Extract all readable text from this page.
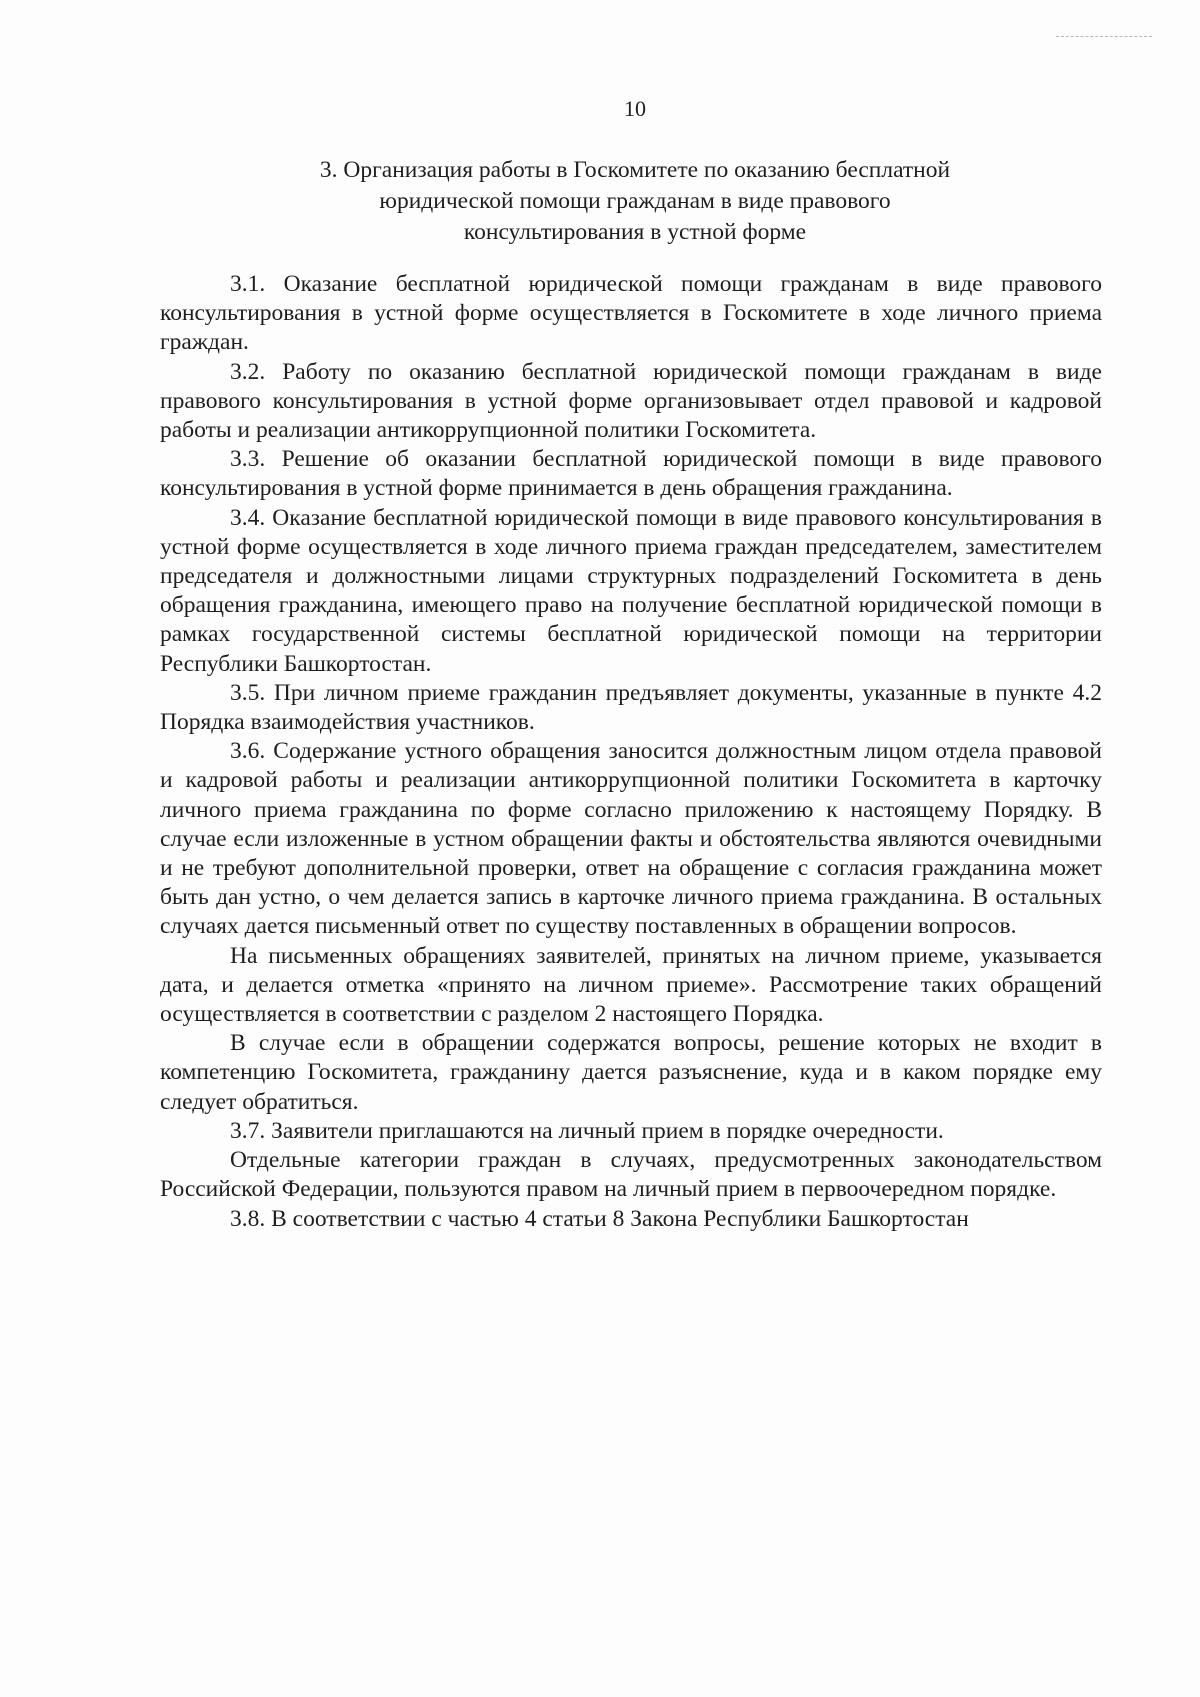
10
3. Организация работы в Госкомитете по оказанию бесплатной
юридической помощи гражданам в виде правового
консультирования в устной форме

3.1. Оказание бесплатной юридической помощи гражданам в виде правового консультирования в устной форме осуществляется в Госкомитете в ходе личного приема граждан.

3.2. Работу по оказанию бесплатной юридической помощи гражданам в виде правового консультирования в устной форме организовывает отдел правовой и кадровой работы и реализации антикоррупционной политики Госкомитета.

3.3. Решение об оказании бесплатной юридической помощи в виде правового консультирования в устной форме принимается в день обращения гражданина.

3.4. Оказание бесплатной юридической помощи в виде правового консультирования в устной форме осуществляется в ходе личного приема граждан председателем, заместителем председателя и должностными лицами структурных подразделений Госкомитета в день обращения гражданина, имеющего право на получение бесплатной юридической помощи в рамках государственной системы бесплатной юридической помощи на территории Республики Башкортостан.

3.5. При личном приеме гражданин предъявляет документы, указанные в пункте 4.2 Порядка взаимодействия участников.

3.6. Содержание устного обращения заносится должностным лицом отдела правовой и кадровой работы и реализации антикоррупционной политики Госкомитета в карточку личного приема гражданина по форме согласно приложению к настоящему Порядку. В случае если изложенные в устном обращении факты и обстоятельства являются очевидными и не требуют дополнительной проверки, ответ на обращение с согласия гражданина может быть дан устно, о чем делается запись в карточке личного приема гражданина. В остальных случаях дается письменный ответ по существу поставленных в обращении вопросов.

На письменных обращениях заявителей, принятых на личном приеме, указывается дата, и делается отметка «принято на личном приеме». Рассмотрение таких обращений осуществляется в соответствии с разделом 2 настоящего Порядка.

В случае если в обращении содержатся вопросы, решение которых не входит в компетенцию Госкомитета, гражданину дается разъяснение, куда и в каком порядке ему следует обратиться.

3.7. Заявители приглашаются на личный прием в порядке очередности.

Отдельные категории граждан в случаях, предусмотренных законодательством Российской Федерации, пользуются правом на личный прием в первоочередном порядке.

3.8. В соответствии с частью 4 статьи 8 Закона Республики Башкортостан
